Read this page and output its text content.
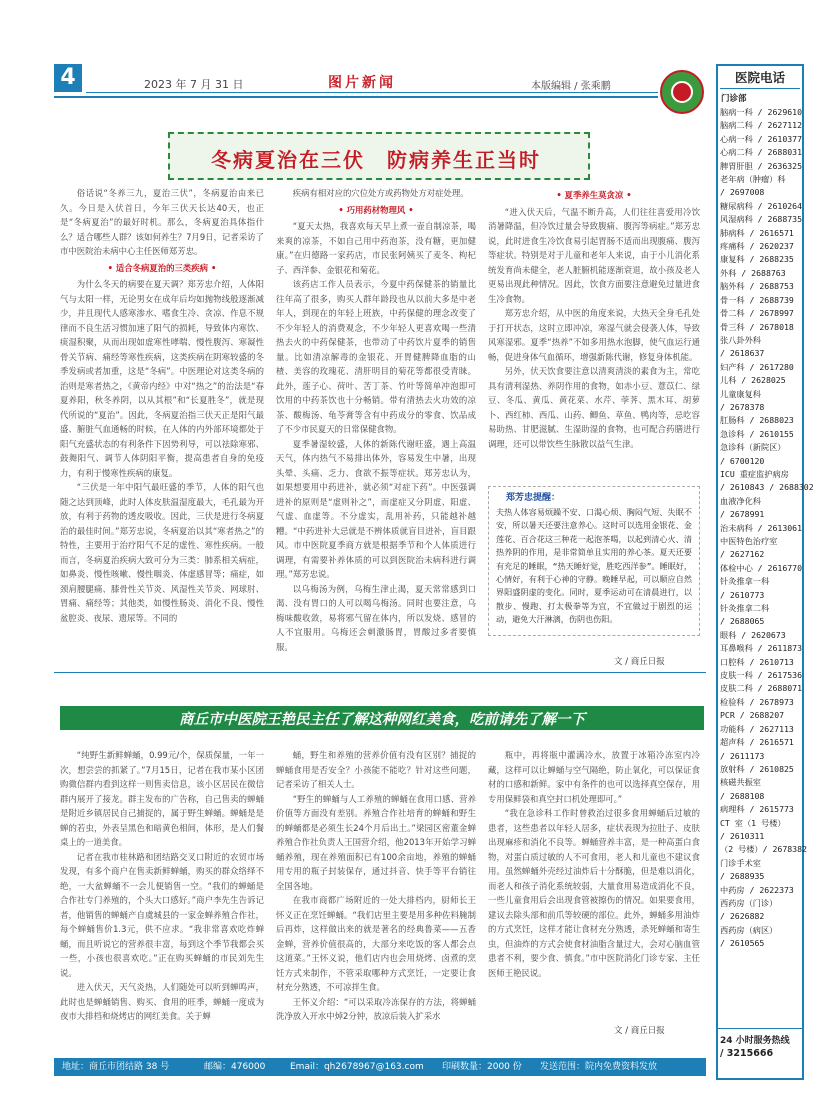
4	2023 年 7 月 31 日	图片新闻	本版编辑 / 张乘鹏
冬病夏治在三伏　防病养生正当时

俗话说“冬养三九，夏治三伏”，冬病夏治由来已久。今日是入伏首日，今年三伏天长达40天，也正是“冬病夏治”的最好时机。那么，冬病夏治具体指什么？适合哪些人群？该如何养生？7月9日，记者采访了市中医院治未病中心主任医师郑芳忠。

• 适合冬病夏治的三类疾病 •

为什么冬天的病要在夏天调？郑芳忠介绍，人体阳气与太阳一样，无论男女在成年后均如抛物线般逐渐减少，并且现代人感寒渗水、嗜食生冷、贪凉、作息不规律而不良生活习惯加速了阳气的损耗，导致体内寒饮、痰湿积聚，从而出现如虚寒性哮喘、慢性腹泻、寒凝性骨关节病、痛经等寒性疾病，这类疾病在阴寒较盛的冬季发病或者加重，这是“冬病”。中医理论对这类冬病的治则是寒者热之，《黄帝内经》中对“热之”的治法是“春夏养阳，秋冬养阴，以从其根”和“长夏胜冬”，就是现代所说的“夏治”。因此，冬病夏治指三伏天正是阳气最盛、腑脏气血通畅的时候，在人体的内外部环境都处于阳气充盛状态的有利条件下因势利导，可以祛除寒邪、鼓舞阳气、调节人体阴阳平衡，提高患者自身的免疫力，有利于慢寒性疾病的康复。

“三伏是一年中阳气最旺盛的季节，人体的阳气也随之达到顶峰，此时人体皮肤温湿度最大，毛孔最为开放，有利于药物的透皮吸收。因此，三伏是进行冬病夏治的最佳时间。”郑芳忠说，冬病夏治以其“寒者热之”的特性，主要用于治疗阳气不足的虚性、寒性疾病。一般而言，冬病夏治疾病大致可分为三类：肺系相关病症，如鼻炎、慢性咳嗽、慢性咽炎、体虚感冒等；痛症，如颈肩腰腿痛、膝骨性关节炎、风湿性关节炎、网球肘、胃痛、痛经等；其他类，如慢性肠炎、消化不良、慢性盆腔炎、夜尿、遗尿等。不同的

疾病有相对应的穴位处方或药物处方对症处理。

• 巧用药材物理风 •

“夏天太热，我喜欢每天早上煮一壶自制凉茶，喝来爽的凉茶，不如自己用中药泡茶，没有糖，更加健康。”在归德路一家药店，市民张阿姨买了麦冬、枸杞子、西洋参、金银花和菊花。

该药店工作人员表示，今夏中药保健茶的销量比往年高了很多，购买人群年龄段也从以前大多是中老年人，到现在的年轻上班族，中药保健的理念改变了不少年轻人的消费观念，不少年轻人更喜欢喝一些清热去火的中药保健茶，也带动了中药饮片夏季的销售量。比如清凉解毒的金银花、开胃健脾降血脂的山楂、美容的玫瑰花、清肝明目的菊花等都很受青睐。此外，莲子心、荷叶、苦丁茶、竹叶等简单冲泡即可饮用的中药茶饮也十分畅销。带有清热去火功效的凉茶、酸梅汤、龟苓膏等含有中药成分的零食、饮品成了不少市民夏天的日常保健食物。

夏季暑湿较盛，人体的新陈代谢旺盛，遇上高温天气，体内热气不易排出体外，容易发生中暑，出现头晕、头痛、乏力、食欲不振等症状。郑芳忠认为，如果想要用中药进补，就必须“对症下药”。中医强调进补的原则是“虚则补之”，而虚症又分阴虚、阳虚、气虚、血虚等。不分虚实，乱用补药，只能越补越糟。“中药进补大忌就是不辨体质就盲目进补，盲目跟风。市中医院夏季商方就是根据季节和个人体质进行调理，有需要补养体质的可以到医院治未病科进行调理。”郑芳忠说。

以乌梅汤为例，乌梅生津止渴，夏天常常感到口渴、没有胃口的人可以喝乌梅汤。同时也要注意，乌梅味酸收敛，易将邪气留在体内，所以发烧、感冒的人不宜服用。乌梅还会刺激肠胃，胃酸过多者要慎服。

• 夏季养生莫贪凉 •

“进入伏天后，气温不断升高，人们往往喜爱用冷饮消暑降温，但冷饮过量会导致腹痛、腹泻等病症。”郑芳忠说，此时进食生冷饮食易引起胃肠不适而出现腹痛、腹泻等症状。特别是对于儿童和老年人来说，由于小儿消化系统发育尚未健全，老人脏腑机能逐渐衰退，故小孩及老人更易出现此种情况。因此，饮食方面要注意避免过量进食生冷食物。

郑芳忠介绍，从中医的角度来说，大热天全身毛孔处于打开状态，这时立即冲凉，寒湿气就会侵袭人体，导致风寒湿邪。夏季“热养”不如多用热水泡脚，使气血运行通畅，促进身体气血循环，增强新陈代谢，修复身体机能。

另外，伏天饮食要注意以清爽清淡的素食为主，常吃具有清利湿热、养阴作用的食物，如赤小豆、薏苡仁、绿豆、冬瓜、黄瓜、黄花菜、水芹、荸荠、黑木耳、胡萝卜、西红柿、西瓜、山药、鲫鱼、草鱼、鸭肉等，忌吃容易助热、甘肥滋腻、生湿助湿的食物，也可配合药膳进行调理，还可以带饮些生脉散以益气生津。

郑芳忠提醒：
夫热人体容易烦躁不安、口渴心烦、胸闷气短、失眠不安，所以暑天还要注意养心。这时可以选用金银花、金莲花、百合花这三种花一起泡茶喝，以起到清心火、清热养阴的作用，是非常简单且实用的养心茶。夏天还要有充足的睡眠，“热天睡好觉，胜吃西洋参”。睡眠好，心情好，有利于心神的守静。晚睡早起，可以顺应自然界阳盛阴虚的变化。同时，夏季运动可在清晨进行，以散步、慢跑、打太极拳等为宜，不宜做过于剧烈的运动，避免大汗淋漓，伤阴也伤阳。
文 / 商丘日报
商丘市中医院王艳民主任了解这种网红美食，吃前请先了解一下

“纯野生新鲜蝉蛹，0.99元/个，保质保量，一年一次，想尝尝的抓紧了。”7月15日，记者在我市某小区团购微信群内看到这样一则售卖信息，该小区居民在微信群内展开了接龙。群主发布的广告称，自己售卖的蝉蛹是附近乡镇居民自己捕捉的，属于野生蝉蛹。蝉蛹是是蝉的若虫，外表呈黑色和暗黄色相间，体形，是人们餐桌上的一道美食。

记者在我市桂林路和团结路交叉口附近的农贸市场发现，有多个商户在售卖新鲜蝉蛹，购买的群众络绎不绝，一大盆蝉蛹不一会儿便销售一空。“我们的蝉蛹是合作社专门养殖的，个头大口感好。”商户李先生告诉记者，他销售的蝉蛹产自虞城县的一家金蝉养殖合作社，每个蝉蛹售价1.3元，供不应求。“我非常喜欢吃炸蝉蛹，而且听说它的营养很丰富，每到这个季节我都会买一些，小孩也很喜欢吃。”正在购买蝉蛹的市民刘先生说。

进入伏天，天气炎热，人们随处可以听到蝉鸣声，此时也是蝉蛹销售、购买、食用的旺季，蝉蛹一度成为夜市大排档和烧烤店的网红美食。关于蝉

蛹，野生和养殖的营养价值有没有区别？捕捉的蝉蛹食用是否安全？小孩能不能吃？针对这些问题，记者采访了相关人士。

“野生的蝉蛹与人工养殖的蝉蛹在食用口感、营养价值等方面没有差别。养殖合作社培育的蝉蛹和野生的蝉蛹都是必须生长24个月后出土。”梁园区密董金蝉养殖合作社负责人王国营介绍，他2013年开始学习蝉蛹养殖，现在养殖面积已有100余亩地，养殖的蝉蛹用专用的瓶子封装保存，通过抖音、快手等平台销往全国各地。

在我市商都广场附近的一处大排档内，厨师长王怀义正在烹饪蝉蛹。“我们店里主要是用多种佐料腌制后再炸，这样做出来的就是著名的经典鲁菜——五香金蝉，营养价值很高的，大部分来吃饭的客人都会点这道菜。”王怀义说，他们店内也会用烧烤、卤煮的烹饪方式来制作，不管采取哪种方式烹饪，一定要让食材充分熟透，不可凉拌生食。

王怀义介绍：“可以采取冷冻保存的方法，将蝉蛹洗净放入开水中焯2分钟，放凉后装入扩采水

瓶中，再将瓶中灌满冷水，放置于冰箱冷冻室内冷藏，这样可以让蝉蛹与空气隔绝，防止氧化，可以保证食材的口感和新鲜。家中有条件的也可以选择真空保存，用专用保鲜袋和真空封口机处理即可。”

“我在急诊科工作时曾救治过很多食用蝉蛹后过敏的患者，这些患者以年轻人居多，症状表现为拉肚子、皮肤出现麻疹和消化不良等。蝉蛹营养丰富，是一种高蛋白食物，对蛋白质过敏的人不可食用，老人和儿童也不建议食用。虽然蝉蛹外壳经过油炸后十分酥脆，但是难以消化，而老人和孩子消化系统较弱，大量食用易造成消化不良，一些儿童食用后会出现食管被擦伤的情况。如果要食用，建议去除头部和前爪等较硬的部位。此外，蝉蛹多用油炸的方式烹饪，这样才能让食材充分熟透，杀死蝉蛹和寄生虫，但油炸的方式会使食材油脂含量过大，会对心脑血管患者不利，要少食、慎食。”市中医院消化门诊专家、主任医师王艳民说。

文 / 商丘日报
地址：商丘市团结路 38 号	邮编：476000	Email：qh2678967@163.com 印刷数量：2000 份 发送范围：院内免费资料发放
医院电话
门诊部
脑病一科 / 2629610
脑病二科 / 2627112
心病一科 / 2610377
心病二科 / 2688031
脾胃肝胆 / 2636325
老年病（肿瘤）科
/ 2697008
糖尿病科 / 2610264
风湿病科 / 2688735
肺病科 / 2616571
疼痛科 / 2620237
康复科 / 2688235
外科 / 2688763
脑外科 / 2688753
骨一科 / 2688739
骨二科 / 2678997
骨三科 / 2678018
张八卦外科
/ 2618637
妇产科 / 2617280
儿科 / 2628025
儿童康复科
/ 2678378
肛肠科 / 2688023
急诊科 / 2610155
急诊科（新院区）
/ 6700120
ICU 重症监护病房
/ 2610843 / 2688302
血液净化科
/ 2678991
治未病科 / 2613061
中医特色治疗室
/ 2627162
体检中心 / 2616770
针灸推拿一科
/ 2610773
针灸推拿二科
/ 2688065
眼科 / 2620673
耳鼻喉科 / 2611873
口腔科 / 2610713
皮肤一科 / 2617536
皮肤二科 / 2688071
检验科 / 2678973
PCR / 2688207
功能科 / 2627113
超声科 / 2616571
/ 2611173
放射科 / 2610825
核磁共振室
/ 2688108
病理科 / 2615773
CT 室（1 号楼）
/ 2610311
（2 号楼）/ 2678382
门诊手术室
/ 2688935
中药房 / 2622373
西药房（门诊）
/ 2626882
西药房（病区）
/ 2610565
24 小时服务热线
/ 3215666
